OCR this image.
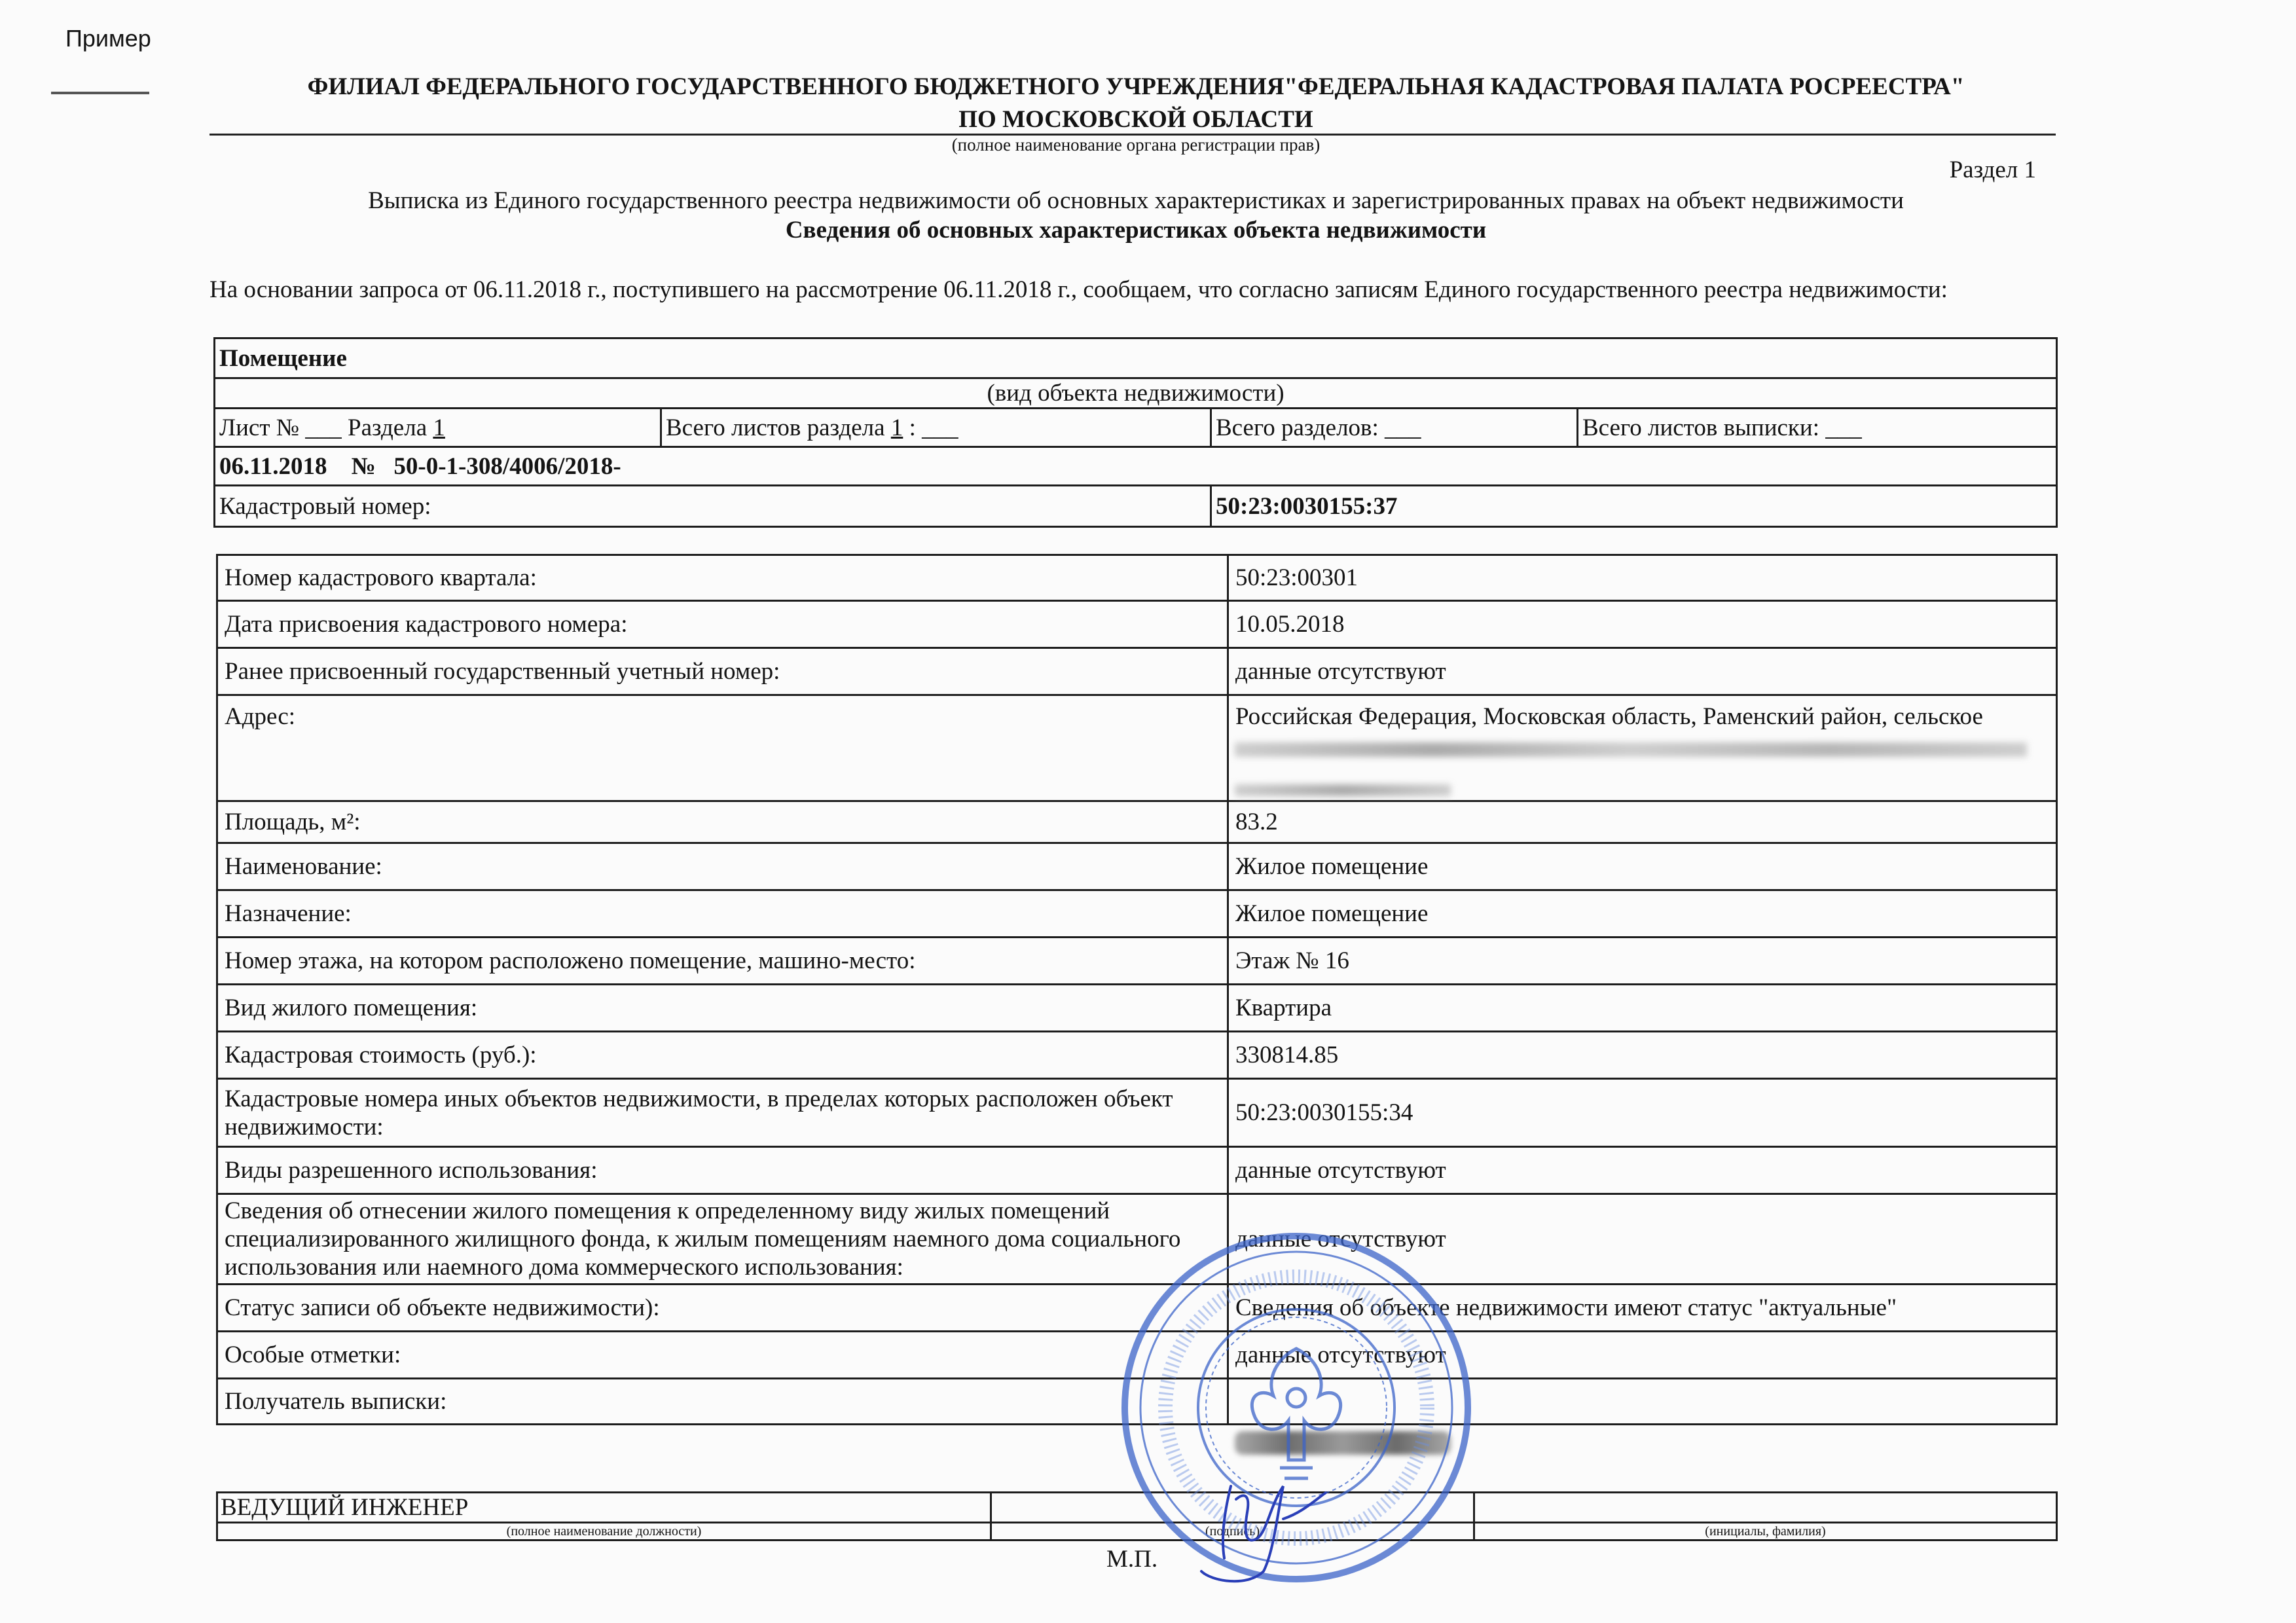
Пример
ФИЛИАЛ ФЕДЕРАЛЬНОГО ГОСУДАРСТВЕННОГО БЮДЖЕТНОГО УЧРЕЖДЕНИЯ"ФЕДЕРАЛЬНАЯ КАДАСТРОВАЯ ПАЛАТА РОСРЕЕСТРА"
ПО МОСКОВСКОЙ ОБЛАСТИ
(полное наименование органа регистрации прав)
Раздел 1
Выписка из Единого государственного реестра недвижимости об основных характеристиках и зарегистрированных правах на объект недвижимости
Сведения об основных характеристиках объекта недвижимости
На основании запроса от 06.11.2018 г., поступившего на рассмотрение 06.11.2018 г., сообщаем, что согласно записям Единого государственного реестра недвижимости:
Помещение			
(вид объекта недвижимости)			
Лист № ___ Раздела 1	Всего листов раздела 1 : ___	Всего разделов: ___	Всего листов выписки: ___
06.11.2018 № 50-0-1-308/4006/2018-			
Кадастровый номер:		50:23:0030155:37	
Номер кадастрового квартала:	50:23:00301
Дата присвоения кадастрового номера:	10.05.2018
Ранее присвоенный государственный учетный номер:	данные отсутствуют
Адрес:	Российская Федерация, Московская область, Раменский район, сельское
Площадь, м²:	83.2
Наименование:	Жилое помещение
Назначение:	Жилое помещение
Номер этажа, на котором расположено помещение, машино-место:	Этаж № 16
Вид жилого помещения:	Квартира
Кадастровая стоимость (руб.):	330814.85
Кадастровые номера иных объектов недвижимости, в пределах которых расположен объект недвижимости:	50:23:0030155:34
Виды разрешенного использования:	данные отсутствуют
Сведения об отнесении жилого помещения к определенному виду жилых помещений специализированного жилищного фонда, к жилым помещениям наемного дома социального использования или наемного дома коммерческого использования:	данные отсутствуют
Статус записи об объекте недвижимости):	Сведения об объекте недвижимости имеют статус "актуальные"
Особые отметки:	данные отсутствуют
Получатель выписки:	
ВЕДУЩИЙ ИНЖЕНЕР		
(полное наименование должности)	(подпись)	(инициалы, фамилия)
М.П.
